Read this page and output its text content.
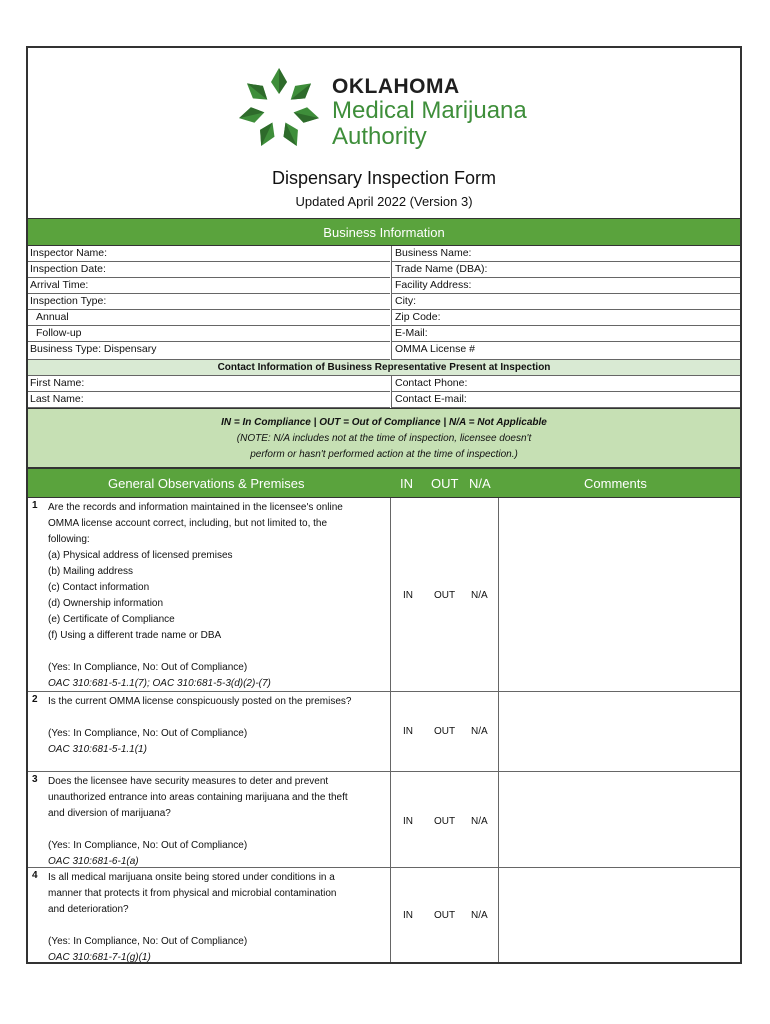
OKLAHOMA
Medical Marijuana
Authority
Dispensary Inspection Form
Updated April 2022 (Version 3)
Business Information
Inspector Name:
Inspection Date:
Arrival Time:
Inspection Type:
Annual
Follow-up
Business Type: Dispensary
Business Name:
Trade Name (DBA):
Facility Address:
City:
Zip Code:
E-Mail:
OMMA License #
Contact Information of Business Representative Present at Inspection
First Name:
Last Name:
Contact Phone:
Contact E-mail:
IN = In Compliance | OUT = Out of Compliance | N/A = Not Applicable
(NOTE: N/A includes not at the time of inspection, licensee doesn't
perform or hasn't performed action at the time of inspection.)
General Observations & Premises	IN OUT N/A	Comments
1 Are the records and information maintained in the licensee's online
OMMA license account correct, including, but not limited to, the
following:
(a) Physical address of licensed premises
(b) Mailing address
(c) Contact information
(d) Ownership information
(e) Certificate of Compliance
(f) Using a different trade name or DBA
(Yes: In Compliance, No: Out of Compliance)
OAC 310:681-5-1.1(7); OAC 310:681-5-3(d)(2)-(7)
IN OUT N/A
2 Is the current OMMA license conspicuously posted on the premises?
(Yes: In Compliance, No: Out of Compliance)
OAC 310:681-5-1.1(1)
IN OUT N/A
3 Does the licensee have security measures to deter and prevent
unauthorized entrance into areas containing marijuana and the theft
and diversion of marijuana?
(Yes: In Compliance, No: Out of Compliance)
OAC 310:681-6-1(a)
IN OUT N/A
4 Is all medical marijuana onsite being stored under conditions in a
manner that protects it from physical and microbial contamination
and deterioration?
(Yes: In Compliance, No: Out of Compliance)
OAC 310:681-7-1(g)(1)
IN OUT N/A
